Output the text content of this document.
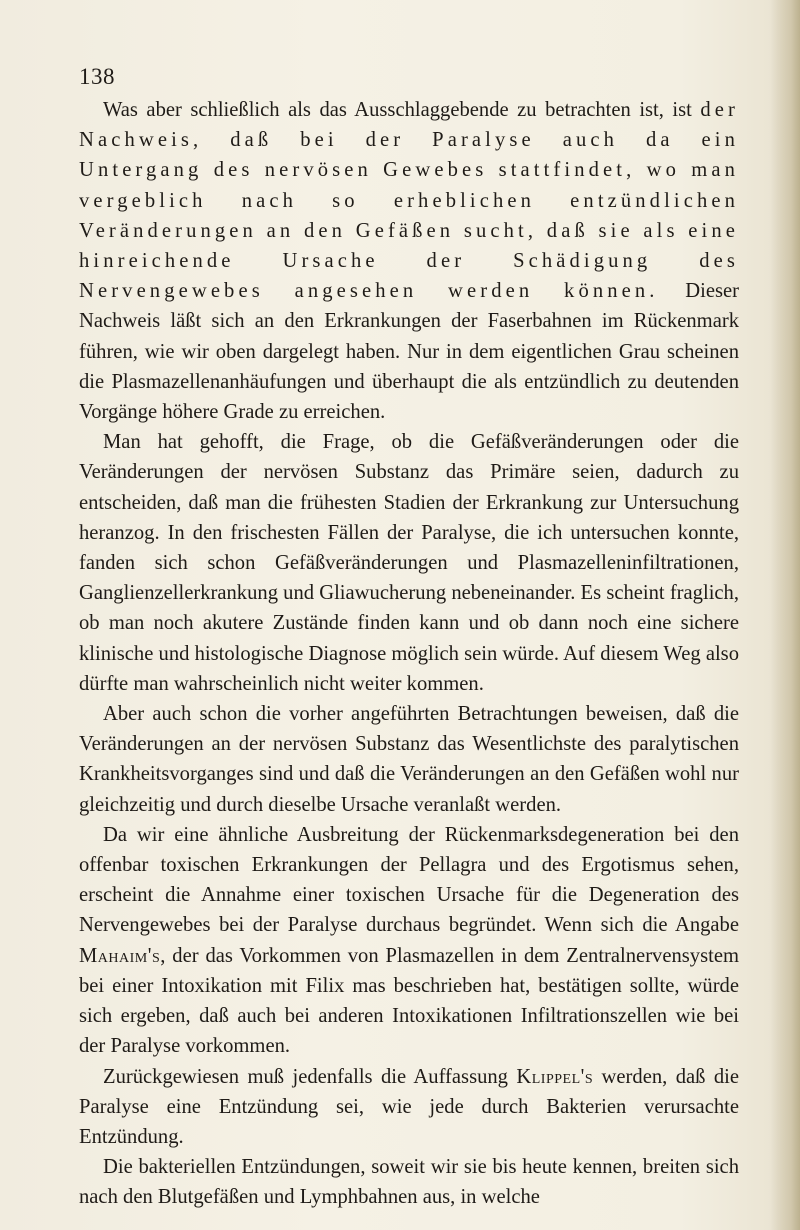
138

Was aber schließlich als das Ausschlaggebende zu betrachten ist, ist der Nachweis, daß bei der Paralyse auch da ein Untergang des nervösen Gewebes stattfindet, wo man vergeblich nach so erheblichen entzündlichen Veränderungen an den Gefäßen sucht, daß sie als eine hinreichende Ursache der Schädigung des Nervengewebes angesehen werden können. Dieser Nachweis läßt sich an den Erkrankungen der Faserbahnen im Rückenmark führen, wie wir oben dargelegt haben. Nur in dem eigentlichen Grau scheinen die Plasmazellenanhäufungen und überhaupt die als entzündlich zu deutenden Vorgänge höhere Grade zu erreichen.

Man hat gehofft, die Frage, ob die Gefäßveränderungen oder die Veränderungen der nervösen Substanz das Primäre seien, dadurch zu entscheiden, daß man die frühesten Stadien der Erkrankung zur Untersuchung heranzog. In den frischesten Fällen der Paralyse, die ich untersuchen konnte, fanden sich schon Gefäßveränderungen und Plasmazelleninfiltrationen, Ganglienzellerkrankung und Gliawucherung nebeneinander. Es scheint fraglich, ob man noch akutere Zustände finden kann und ob dann noch eine sichere klinische und histologische Diagnose möglich sein würde. Auf diesem Weg also dürfte man wahrscheinlich nicht weiter kommen.

Aber auch schon die vorher angeführten Betrachtungen beweisen, daß die Veränderungen an der nervösen Substanz das Wesentlichste des paralytischen Krankheitsvorganges sind und daß die Veränderungen an den Gefäßen wohl nur gleichzeitig und durch dieselbe Ursache veranlaßt werden.

Da wir eine ähnliche Ausbreitung der Rückenmarksdegeneration bei den offenbar toxischen Erkrankungen der Pellagra und des Ergotismus sehen, erscheint die Annahme einer toxischen Ursache für die Degeneration des Nervengewebes bei der Paralyse durchaus begründet. Wenn sich die Angabe Mahaim's, der das Vorkommen von Plasmazellen in dem Zentralnervensystem bei einer Intoxikation mit Filix mas beschrieben hat, bestätigen sollte, würde sich ergeben, daß auch bei anderen Intoxikationen Infiltrationszellen wie bei der Paralyse vorkommen.

Zurückgewiesen muß jedenfalls die Auffassung Klippel's werden, daß die Paralyse eine Entzündung sei, wie jede durch Bakterien verursachte Entzündung.

Die bakteriellen Entzündungen, soweit wir sie bis heute kennen, breiten sich nach den Blutgefäßen und Lymphbahnen aus, in welche
